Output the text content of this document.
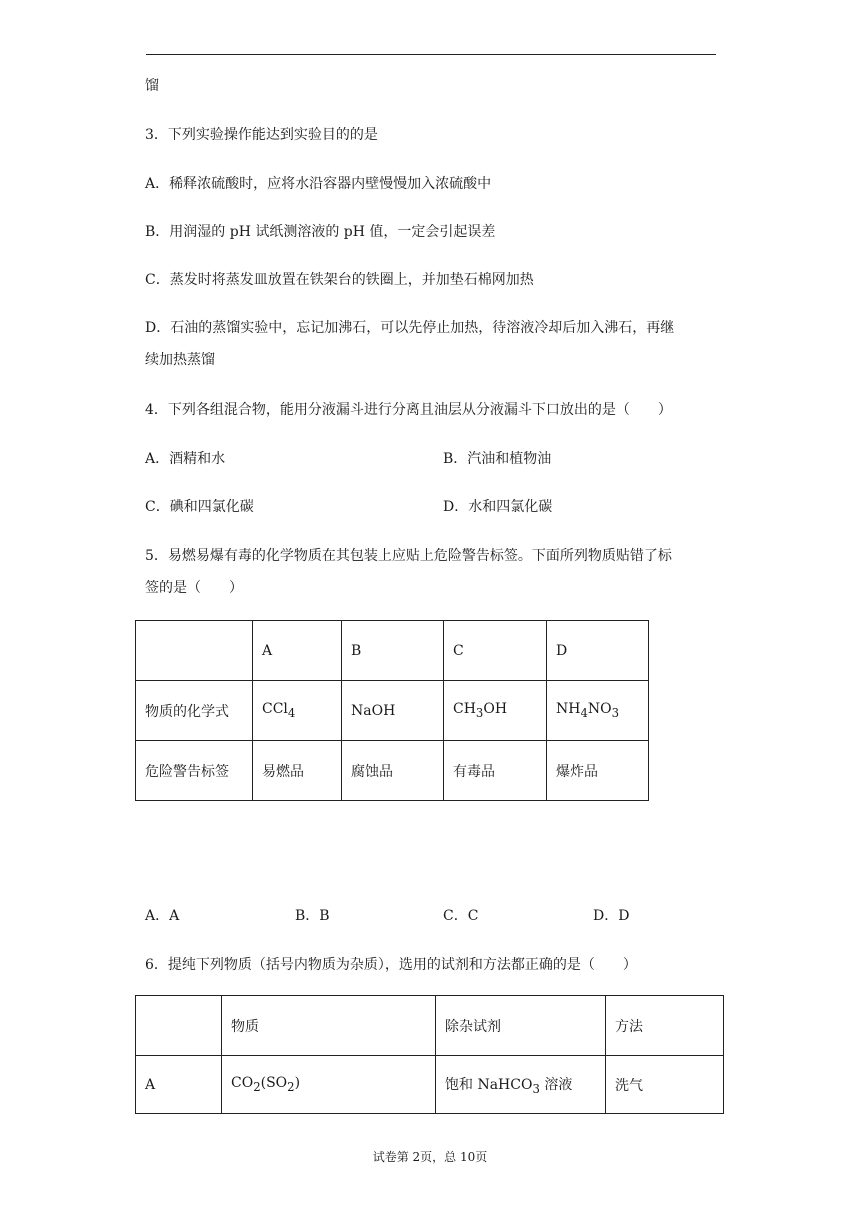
馏
3．下列实验操作能达到实验目的的是
A．稀释浓硫酸时，应将水沿容器内壁慢慢加入浓硫酸中
B．用润湿的 pH 试纸测溶液的 pH 值，一定会引起误差
C．蒸发时将蒸发皿放置在铁架台的铁圈上，并加垫石棉网加热
D．石油的蒸馏实验中，忘记加沸石，可以先停止加热，待溶液冷却后加入沸石，再继
续加热蒸馏
4．下列各组混合物，能用分液漏斗进行分离且油层从分液漏斗下口放出的是（　　）
A．酒精和水	B．汽油和植物油
C．碘和四氯化碳	D．水和四氯化碳
5．易燃易爆有毒的化学物质在其包装上应贴上危险警告标签。下面所列物质贴错了标
签的是（　　）
	A	B	C	D
物质的化学式	CCl$_4$	NaOH	$CH_3OH$	$NH_4NO_3$
危险警告标签	易燃品	腐蚀品	有毒品	爆炸品
A．A	B．B	C．C	D．D
6．提纯下列物质（括号内物质为杂质），选用的试剂和方法都正确的是（　　）
	物质	除杂试剂	方法
A	$CO_2(SO_2)$	饱和 NaHCO$_3$ 溶液	洗气
试卷第 2页，总 10页
